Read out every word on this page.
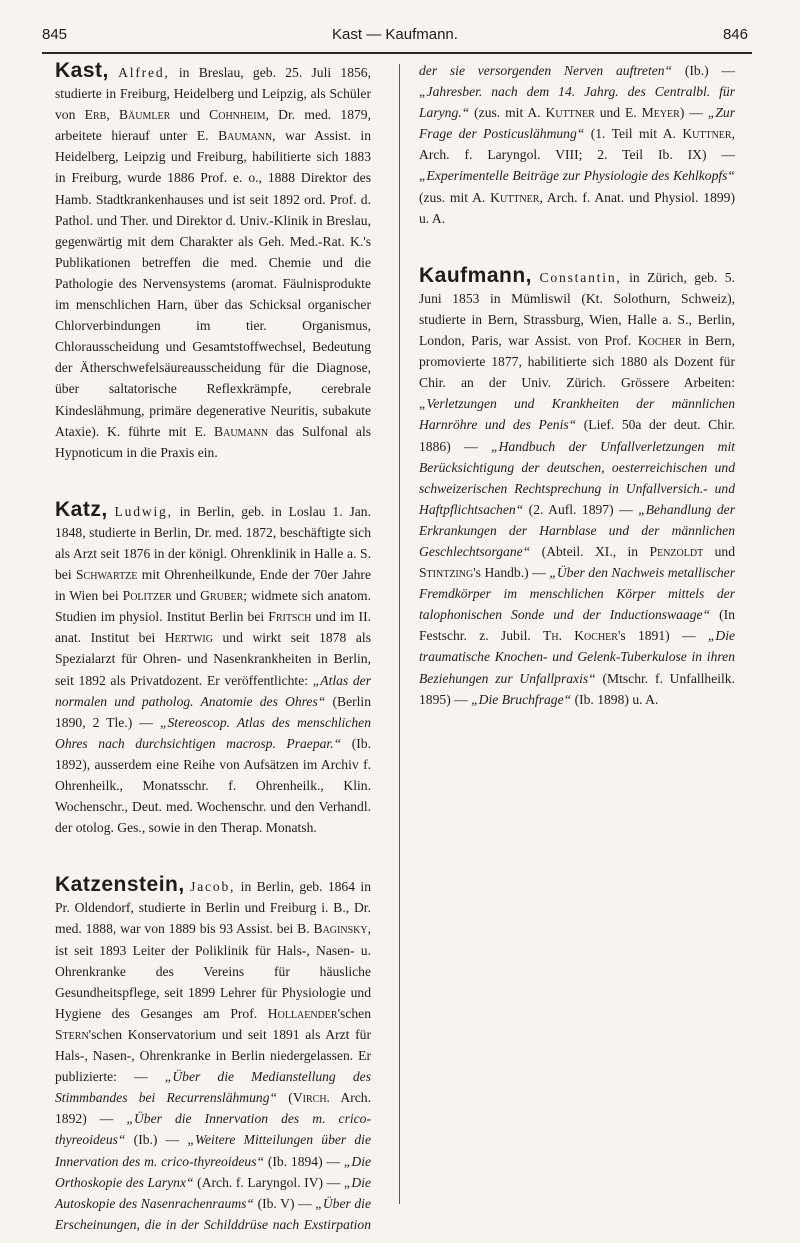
845	Kast — Kaufmann.	846

Kast, Alfred, in Breslau, geb. 25. Juli 1856, studierte in Freiburg, Heidelberg und Leipzig, als Schüler von Erb, Bäumler und Cohnheim, Dr. med. 1879, arbeitete hierauf unter E. Baumann, war Assist. in Heidelberg, Leipzig und Freiburg, habilitierte sich 1883 in Freiburg, wurde 1886 Prof. e. o., 1888 Direktor des Hamb. Stadtkrankenhauses und ist seit 1892 ord. Prof. d. Pathol. und Ther. und Direktor d. Univ.-Klinik in Breslau, gegenwärtig mit dem Charakter als Geh. Med.-Rat. K.'s Publikationen betreffen die med. Chemie und die Pathologie des Nervensystems (aromat. Fäulnisprodukte im menschlichen Harn, über das Schicksal organischer Chlorverbindungen im tier. Organismus, Chlorausscheidung und Gesamtstoffwechsel, Bedeutung der Ätherschwefelsäureausscheidung für die Diagnose, über saltatorische Reflexkrämpfe, cerebrale Kindeslähmung, primäre degenerative Neuritis, subakute Ataxie). K. führte mit E. Baumann das Sulfonal als Hypnoticum in die Praxis ein.

Katz, Ludwig, in Berlin, geb. in Loslau 1. Jan. 1848, studierte in Berlin, Dr. med. 1872, beschäftigte sich als Arzt seit 1876 in der königl. Ohrenklinik in Halle a. S. bei Schwartze mit Ohrenheilkunde, Ende der 70er Jahre in Wien bei Politzer und Gruber; widmete sich anatom. Studien im physiol. Institut Berlin bei Fritsch und im II. anat. Institut bei Hertwig und wirkt seit 1878 als Spezialarzt für Ohren- und Nasenkrankheiten in Berlin, seit 1892 als Privatdozent. Er veröffentlichte: „Atlas der normalen und patholog. Anatomie des Ohres“ (Berlin 1890, 2 Tle.) — „Stereoscop. Atlas des menschlichen Ohres nach durchsichtigen macrosp. Praepar.“ (Ib. 1892), ausserdem eine Reihe von Aufsätzen im Archiv f. Ohrenheilk., Monatsschr. f. Ohrenheilk., Klin. Wochenschr., Deut. med. Wochenschr. und den Verhandl. der otolog. Ges., sowie in den Therap. Monatsh.

Katzenstein, Jacob, in Berlin, geb. 1864 in Pr. Oldendorf, studierte in Berlin und Freiburg i. B., Dr. med. 1888, war von 1889 bis 93 Assist. bei B. Baginsky, ist seit 1893 Leiter der Poliklinik für Hals-, Nasen- u. Ohrenkranke des Vereins für häusliche Gesundheitspflege, seit 1899 Lehrer für Physiologie und Hygiene des Gesanges am Prof. Hollaender'schen Stern'schen Konservatorium und seit 1891 als Arzt für Hals-, Nasen-, Ohrenkranke in Berlin niedergelassen. Er publizierte: — „Über die Medianstellung des Stimmbandes bei Recurrenslähmung“ (Virch. Arch. 1892) — „Über die Innervation des m. crico-thyreoideus“ (Ib.) — „Weitere Mitteilungen über die Innervation des m. crico-thyreoideus“ (Ib. 1894) — „Die Orthoskopie des Larynx“ (Arch. f. Laryngol. IV) — „Die Autoskopie des Nasenrachenraums“ (Ib. V) — „Über die Erscheinungen, die in der Schilddrüse nach Exstirpation der sie versorgenden Nerven auftreten“ (Ib.) — „Jahresber. nach dem 14. Jahrg. des Centralbl. für Laryng.“ (zus. mit A. Kuttner und E. Meyer) — „Zur Frage der Posticuslähmung“ (1. Teil mit A. Kuttner, Arch. f. Laryngol. VIII; 2. Teil Ib. IX) — „Experimentelle Beiträge zur Physiologie des Kehlkopfs“ (zus. mit A. Kuttner, Arch. f. Anat. und Physiol. 1899) u. A.

Kaufmann, Constantin, in Zürich, geb. 5. Juni 1853 in Mümliswil (Kt. Solothurn, Schweiz), studierte in Bern, Strassburg, Wien, Halle a. S., Berlin, London, Paris, war Assist. von Prof. Kocher in Bern, promovierte 1877, habilitierte sich 1880 als Dozent für Chir. an der Univ. Zürich. Grössere Arbeiten: „Verletzungen und Krankheiten der männlichen Harnröhre und des Penis“ (Lief. 50a der deut. Chir. 1886) — „Handbuch der Unfallverletzungen mit Berücksichtigung der deutschen, oesterreichischen und schweizerischen Rechtsprechung in Unfallversich.- und Haftpflichtsachen“ (2. Aufl. 1897) — „Behandlung der Erkrankungen der Harnblase und der männlichen Geschlechtsorgane“ (Abteil. XI., in Penzoldt und Stintzing's Handb.) — „Über den Nachweis metallischer Fremdkörper im menschlichen Körper mittels der talophonischen Sonde und der Inductionswaage“ (In Festschr. z. Jubil. Th. Kocher's 1891) — „Die traumatische Knochen- und Gelenk-Tuberkulose in ihren Beziehungen zur Unfallpraxis“ (Mtschr. f. Unfallheilk. 1895) — „Die Bruchfrage“ (Ib. 1898) u. A.
